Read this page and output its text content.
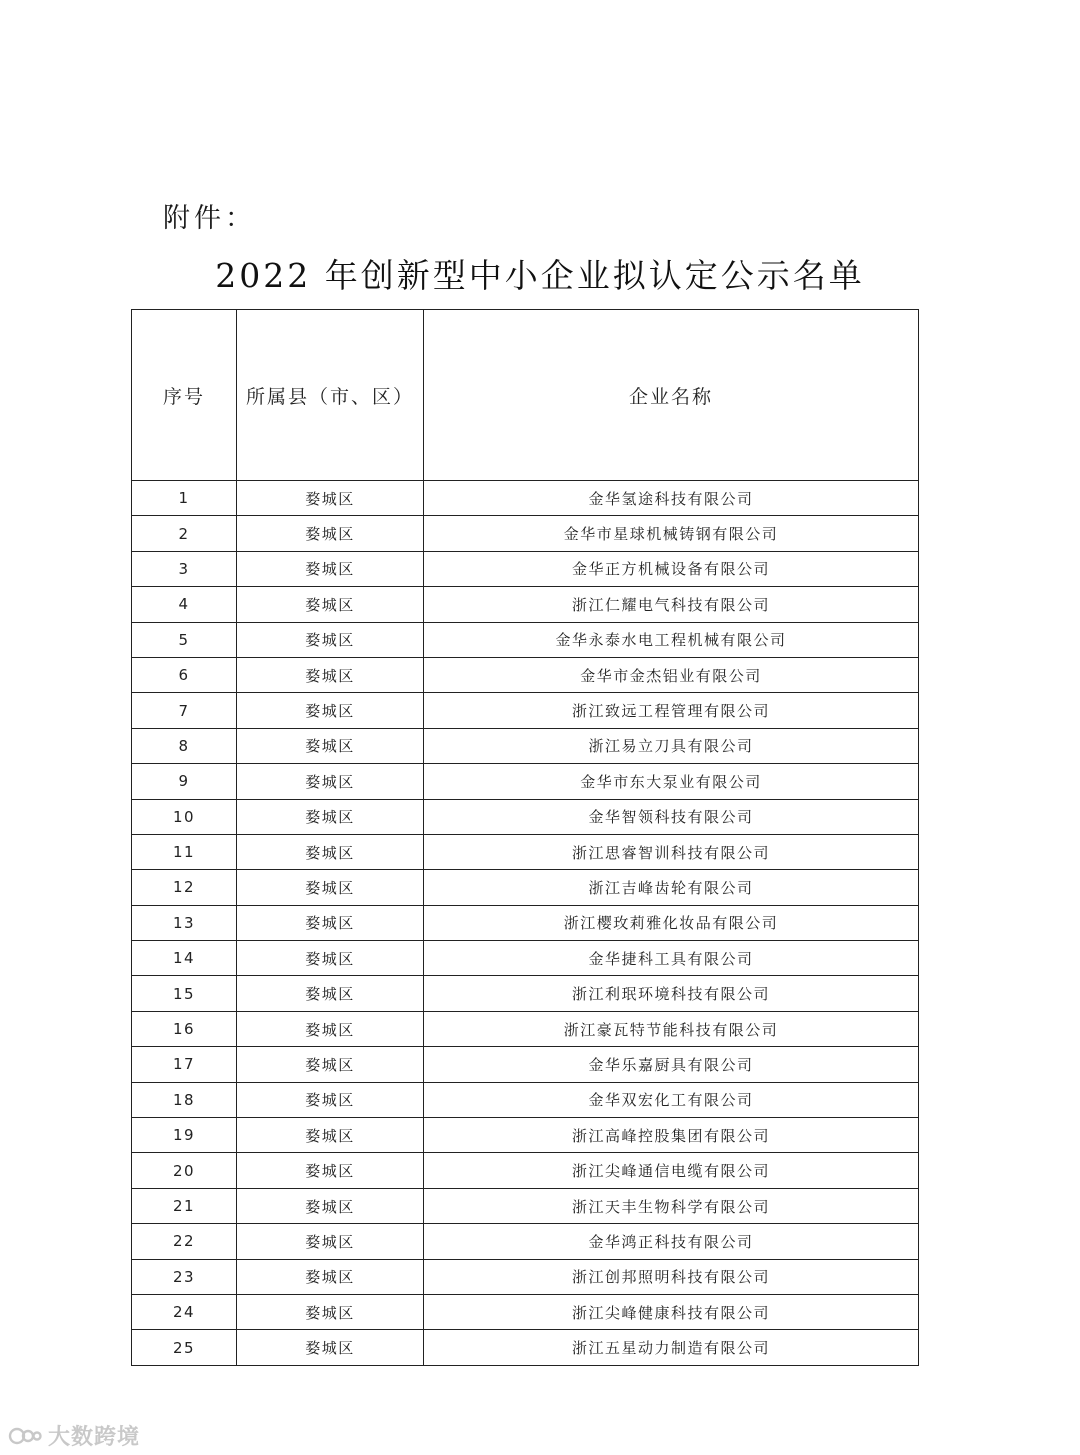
附件：
2022 年创新型中小企业拟认定公示名单
序号	所属县（市、区）	企业名称
1	婺城区	金华氢途科技有限公司
2	婺城区	金华市星球机械铸钢有限公司
3	婺城区	金华正方机械设备有限公司
4	婺城区	浙江仁耀电气科技有限公司
5	婺城区	金华永泰水电工程机械有限公司
6	婺城区	金华市金杰铝业有限公司
7	婺城区	浙江致远工程管理有限公司
8	婺城区	浙江易立刀具有限公司
9	婺城区	金华市东大泵业有限公司
10	婺城区	金华智领科技有限公司
11	婺城区	浙江思睿智训科技有限公司
12	婺城区	浙江吉峰齿轮有限公司
13	婺城区	浙江樱玫莉雅化妆品有限公司
14	婺城区	金华捷科工具有限公司
15	婺城区	浙江利珉环境科技有限公司
16	婺城区	浙江豪瓦特节能科技有限公司
17	婺城区	金华乐嘉厨具有限公司
18	婺城区	金华双宏化工有限公司
19	婺城区	浙江高峰控股集团有限公司
20	婺城区	浙江尖峰通信电缆有限公司
21	婺城区	浙江天丰生物科学有限公司
22	婺城区	金华鸿正科技有限公司
23	婺城区	浙江创邦照明科技有限公司
24	婺城区	浙江尖峰健康科技有限公司
25	婺城区	浙江五星动力制造有限公司
大数跨境
